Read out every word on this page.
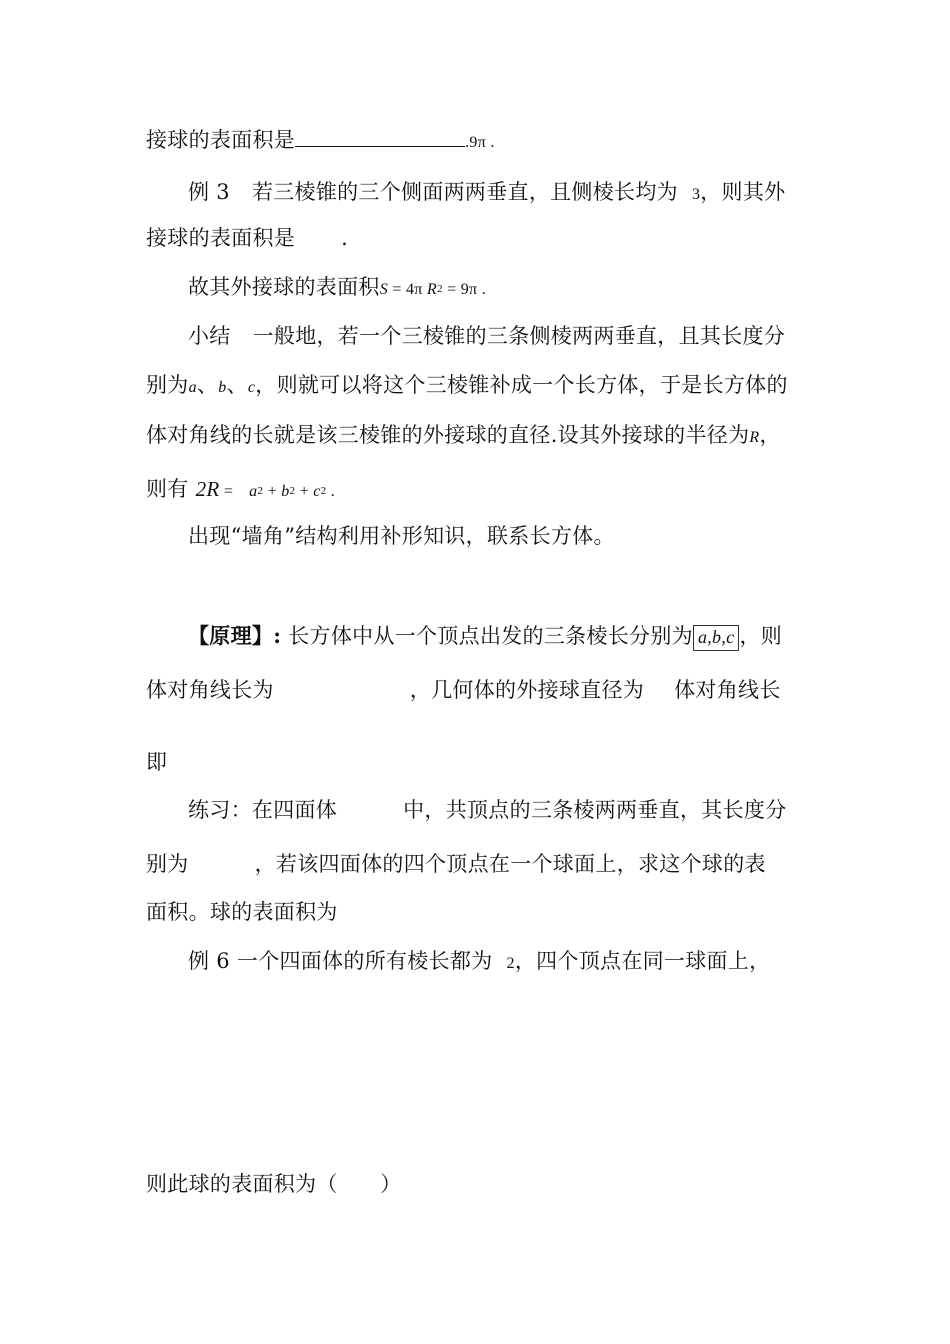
接球的表面积是	.9π .
例 3 若三棱锥的三个侧面两两垂直，且侧棱长均为 3，则其外
接球的表面积是 .
故其外接球的表面积S = 4π R2 = 9π .
小结 一般地，若一个三棱锥的三条侧棱两两垂直，且其长度分
别为a、b、c，则就可以将这个三棱锥补成一个长方体，于是长方体的
体对角线的长就是该三棱锥的外接球的直径.设其外接球的半径为R，
则有 2R = a2 + b2 + c2 .
出现“墙角”结构利用补形知识，联系长方体。
【原理】: 长方体中从一个顶点出发的三条棱长分别为 a,b,c ，则
体对角线长为	，几何体的外接球直径为 体对角线长
即
练习：在四面体	中，共顶点的三条棱两两垂直，其长度分
别为	，若该四面体的四个顶点在一个球面上，求这个球的表
面积。球的表面积为
例 6 一个四面体的所有棱长都为 2，四个顶点在同一球面上，
则此球的表面积为（　　）
